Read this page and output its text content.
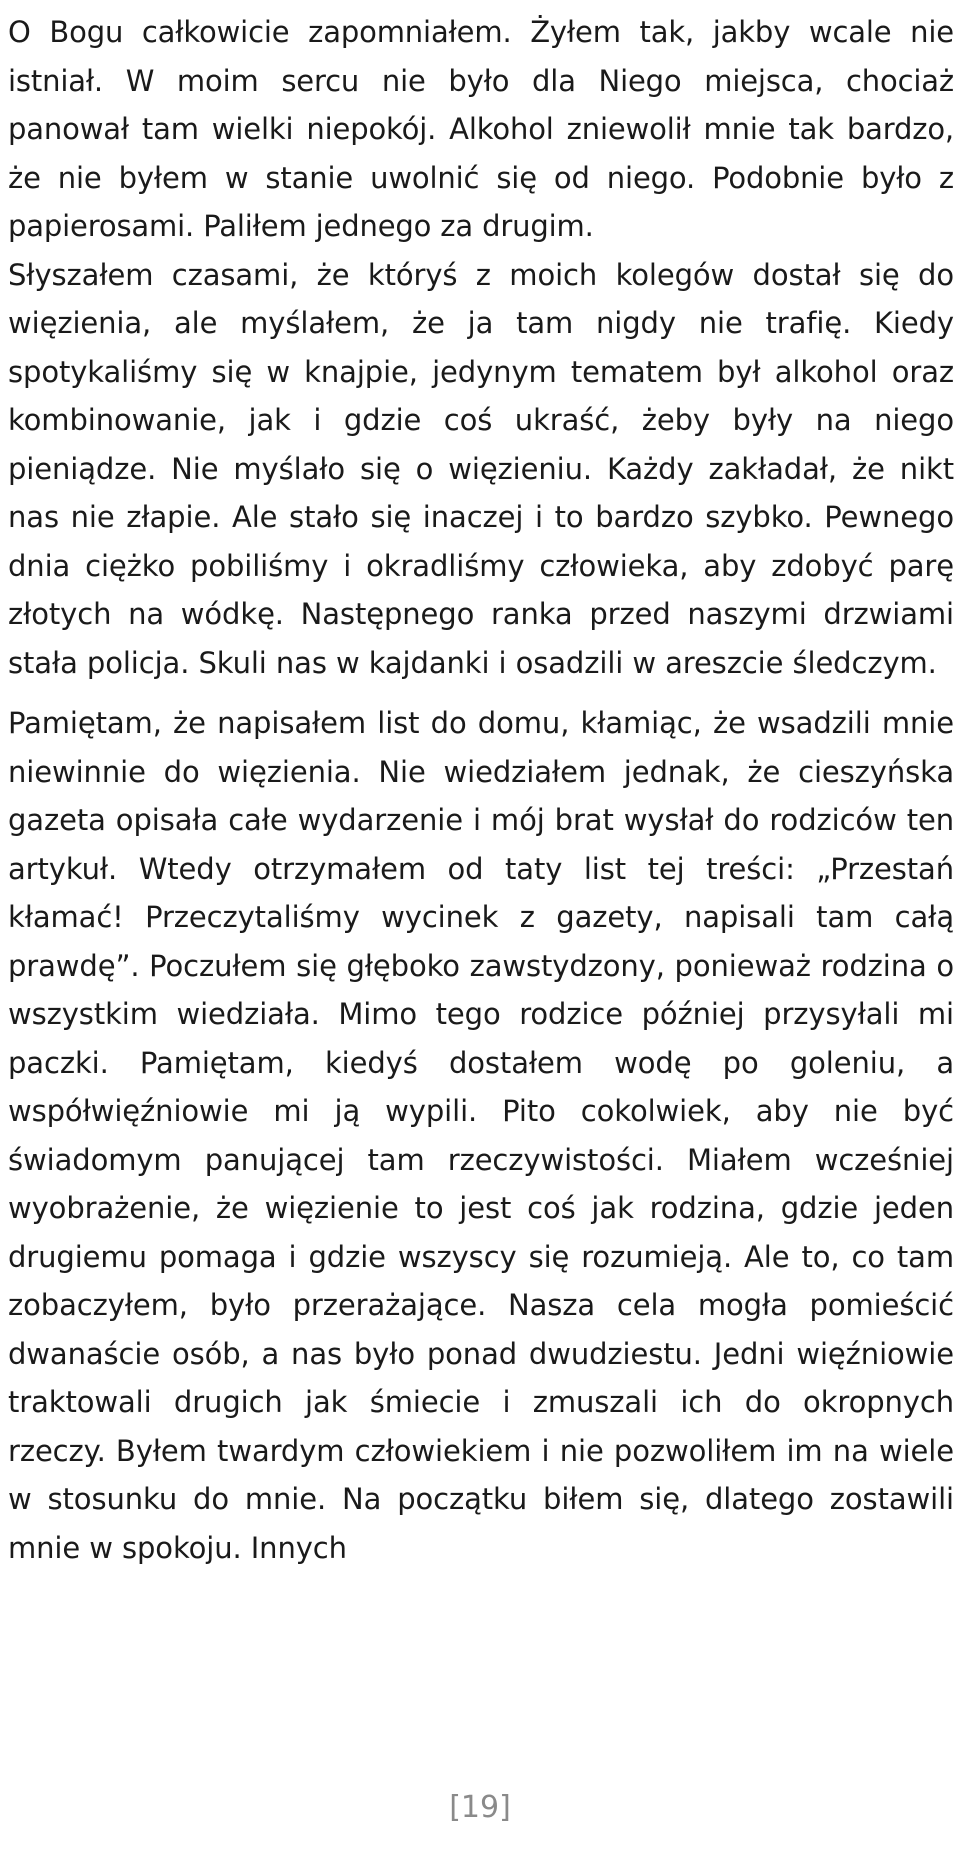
O Bogu całkowicie zapomniałem. Żyłem tak, jakby wcale nie istniał. W moim sercu nie było dla Niego miejsca, chociaż panował tam wielki niepokój. Alkohol zniewolił mnie tak bardzo, że nie byłem w stanie uwolnić się od niego. Podobnie było z papierosami. Paliłem jednego za drugim.

Słyszałem czasami, że któryś z moich kolegów dostał się do więzienia, ale myślałem, że ja tam nigdy nie trafię. Kiedy spotykaliśmy się w knajpie, jedynym tematem był alkohol oraz kombinowanie, jak i gdzie coś ukraść, żeby były na niego pieniądze. Nie myślało się o więzieniu. Każdy zakładał, że nikt nas nie złapie. Ale stało się inaczej i to bardzo szybko. Pewnego dnia ciężko pobiliśmy i okradliśmy człowieka, aby zdobyć parę złotych na wódkę. Następnego ranka przed naszymi drzwiami stała policja. Skuli nas w kajdanki i osadzili w areszcie śledczym.

Pamiętam, że napisałem list do domu, kłamiąc, że wsadzili mnie niewinnie do więzienia. Nie wiedziałem jednak, że cieszyńska gazeta opisała całe wydarzenie i mój brat wysłał do rodziców ten artykuł. Wtedy otrzymałem od taty list tej treści: „Przestań kłamać! Przeczytaliśmy wycinek z gazety, napisali tam całą prawdę”. Poczułem się głęboko zawstydzony, ponieważ rodzina o wszystkim wiedziała. Mimo tego rodzice później przysyłali mi paczki. Pamiętam, kiedyś dostałem wodę po goleniu, a współwięźniowie mi ją wypili. Pito cokolwiek, aby nie być świadomym panującej tam rzeczywistości. Miałem wcześniej wyobrażenie, że więzienie to jest coś jak rodzina, gdzie jeden drugiemu pomaga i gdzie wszyscy się rozumieją. Ale to, co tam zobaczyłem, było przerażające. Nasza cela mogła pomieścić dwanaście osób, a nas było ponad dwudziestu. Jedni więźniowie traktowali drugich jak śmiecie i zmuszali ich do okropnych rzeczy. Byłem twardym człowiekiem i nie pozwoliłem im na wiele w stosunku do mnie. Na początku biłem się, dlatego zostawili mnie w spokoju. Innych

[19]
